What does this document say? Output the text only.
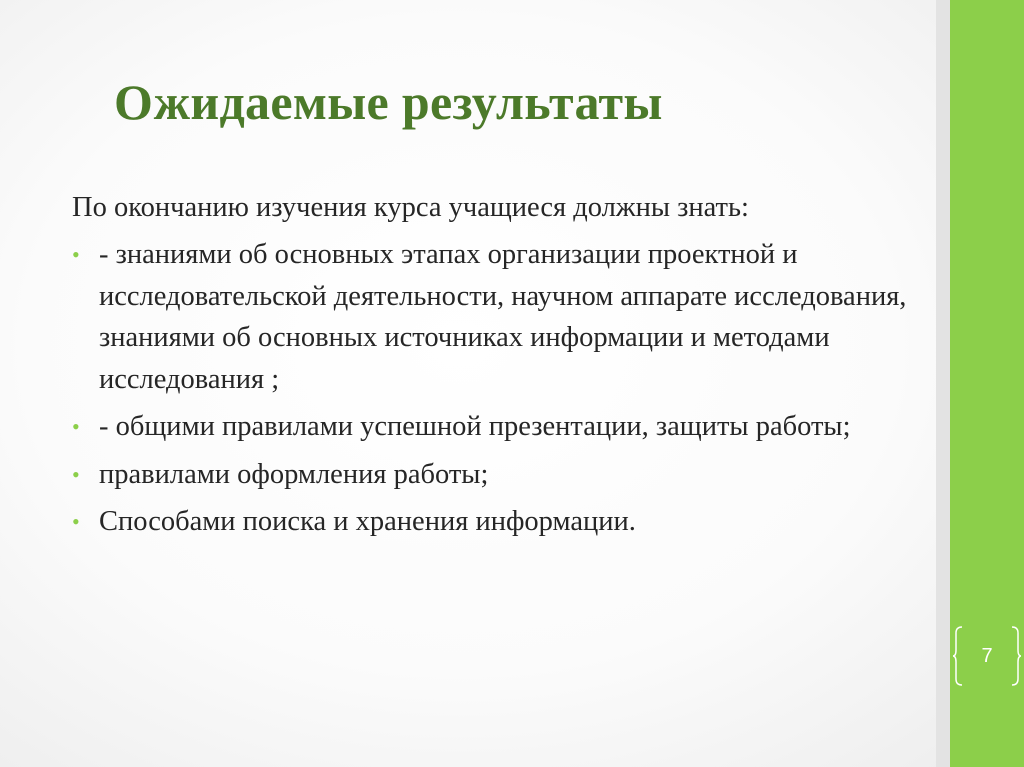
Ожидаемые результаты

По окончанию изучения курса учащиеся должны знать:

• - знаниями об основных этапах организации проектной и исследовательской деятельности, научном аппарате исследования, знаниями об основных источниках информации и методами исследования ;
• - общими правилами успешной презентации, защиты работы;
• правилами оформления работы;
• Способами поиска и хранения информации.
7
